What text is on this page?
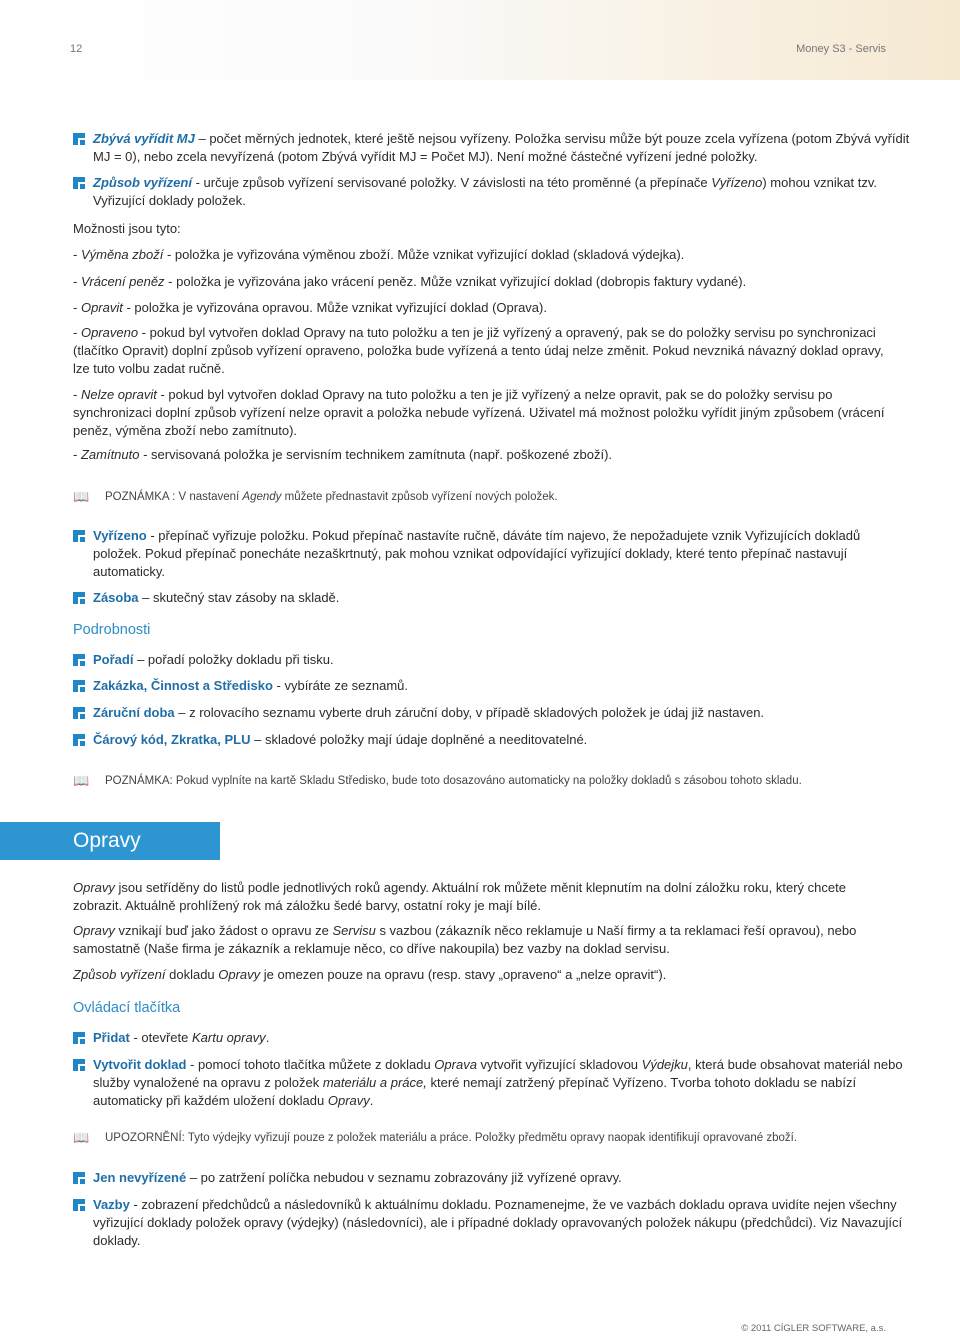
12	Money S3 - Servis

Zbývá vyřídit MJ – počet měrných jednotek, které ještě nejsou vyřízeny. Položka servisu může být pouze zcela vyřízena (potom Zbývá vyřídit MJ = 0), nebo zcela nevyřízená (potom Zbývá vyřídit MJ = Počet MJ). Není možné částečné vyřízení jedné položky.

Způsob vyřízení - určuje způsob vyřízení servisované položky. V závislosti na této proměnné (a přepínače Vyřízeno) mohou vznikat tzv. Vyřizující doklady položek.

Možnosti jsou tyto:

- Výměna zboží - položka je vyřizována výměnou zboží. Může vznikat vyřizující doklad (skladová výdejka).

- Vrácení peněz - položka je vyřizována jako vrácení peněz. Může vznikat vyřizující doklad (dobropis faktury vydané).

- Opravit - položka je vyřizována opravou. Může vznikat vyřizující doklad (Oprava).

- Opraveno - pokud byl vytvořen doklad Opravy na tuto položku a ten je již vyřízený a opravený, pak se do položky servisu po synchronizaci (tlačítko Opravit) doplní způsob vyřízení opraveno, položka bude vyřízená a tento údaj nelze změnit. Pokud nevzniká návazný doklad opravy, lze tuto volbu zadat ručně.

- Nelze opravit - pokud byl vytvořen doklad Opravy na tuto položku a ten je již vyřízený a nelze opravit, pak se do položky servisu po synchronizaci doplní způsob vyřízení nelze opravit a položka nebude vyřízená. Uživatel má možnost položku vyřídit jiným způsobem (vrácení peněz, výměna zboží nebo zamítnuto).

- Zamítnuto - servisovaná položka je servisním technikem zamítnuta (např. poškozené zboží).

📖 POZNÁMKA : V nastavení Agendy můžete přednastavit způsob vyřízení nových položek.

Vyřízeno - přepínač vyřizuje položku. Pokud přepínač nastavíte ručně, dáváte tím najevo, že nepožadujete vznik Vyřizujících dokladů položek. Pokud přepínač ponecháte nezaškrtnutý, pak mohou vznikat odpovídající vyřizující doklady, které tento přepínač nastavují automaticky.

Zásoba – skutečný stav zásoby na skladě.

Podrobnosti

Pořadí – pořadí položky dokladu při tisku.

Zakázka, Činnost a Středisko - vybíráte ze seznamů.

Záruční doba – z rolovacího seznamu vyberte druh záruční doby, v případě skladových položek je údaj již nastaven.

Čárový kód, Zkratka, PLU – skladové položky mají údaje doplněné a needitovatelné.

📖 POZNÁMKA: Pokud vyplníte na kartě Skladu Středisko, bude toto dosazováno automaticky na položky dokladů s zásobou tohoto skladu.

Opravy jsou setříděny do listů podle jednotlivých roků agendy. Aktuální rok můžete měnit klepnutím na dolní záložku roku, který chcete zobrazit. Aktuálně prohlížený rok má záložku šedé barvy, ostatní roky je mají bílé.

Opravy vznikají buď jako žádost o opravu ze Servisu s vazbou (zákazník něco reklamuje u Naší firmy a ta reklamaci řeší opravou), nebo samostatně (Naše firma je zákazník a reklamuje něco, co dříve nakoupila) bez vazby na doklad servisu.

Způsob vyřízení dokladu Opravy je omezen pouze na opravu (resp. stavy „opraveno“ a „nelze opravit“).

Ovládací tlačítka

Přidat - otevřete Kartu opravy.

Vytvořit doklad - pomocí tohoto tlačítka můžete z dokladu Oprava vytvořit vyřizující skladovou Výdejku, která bude obsahovat materiál nebo služby vynaložené na opravu z položek materiálu a práce, které nemají zatržený přepínač Vyřízeno. Tvorba tohoto dokladu se nabízí automaticky při každém uložení dokladu Opravy.

📖 UPOZORNĚNÍ: Tyto výdejky vyřizují pouze z položek materiálu a práce. Položky předmětu opravy naopak identifikují opravované zboží.

Jen nevyřízené – po zatržení políčka nebudou v seznamu zobrazovány již vyřízené opravy.

Vazby - zobrazení předchůdců a následovníků k aktuálnímu dokladu. Poznamenejme, že ve vazbách dokladu oprava uvidíte nejen všechny vyřizující doklady položek opravy (výdejky) (následovníci), ale i případné doklady opravovaných položek nákupu (předchůdci). Viz Navazující doklady.

Opravy
© 2011 CÍGLER SOFTWARE, a.s.
